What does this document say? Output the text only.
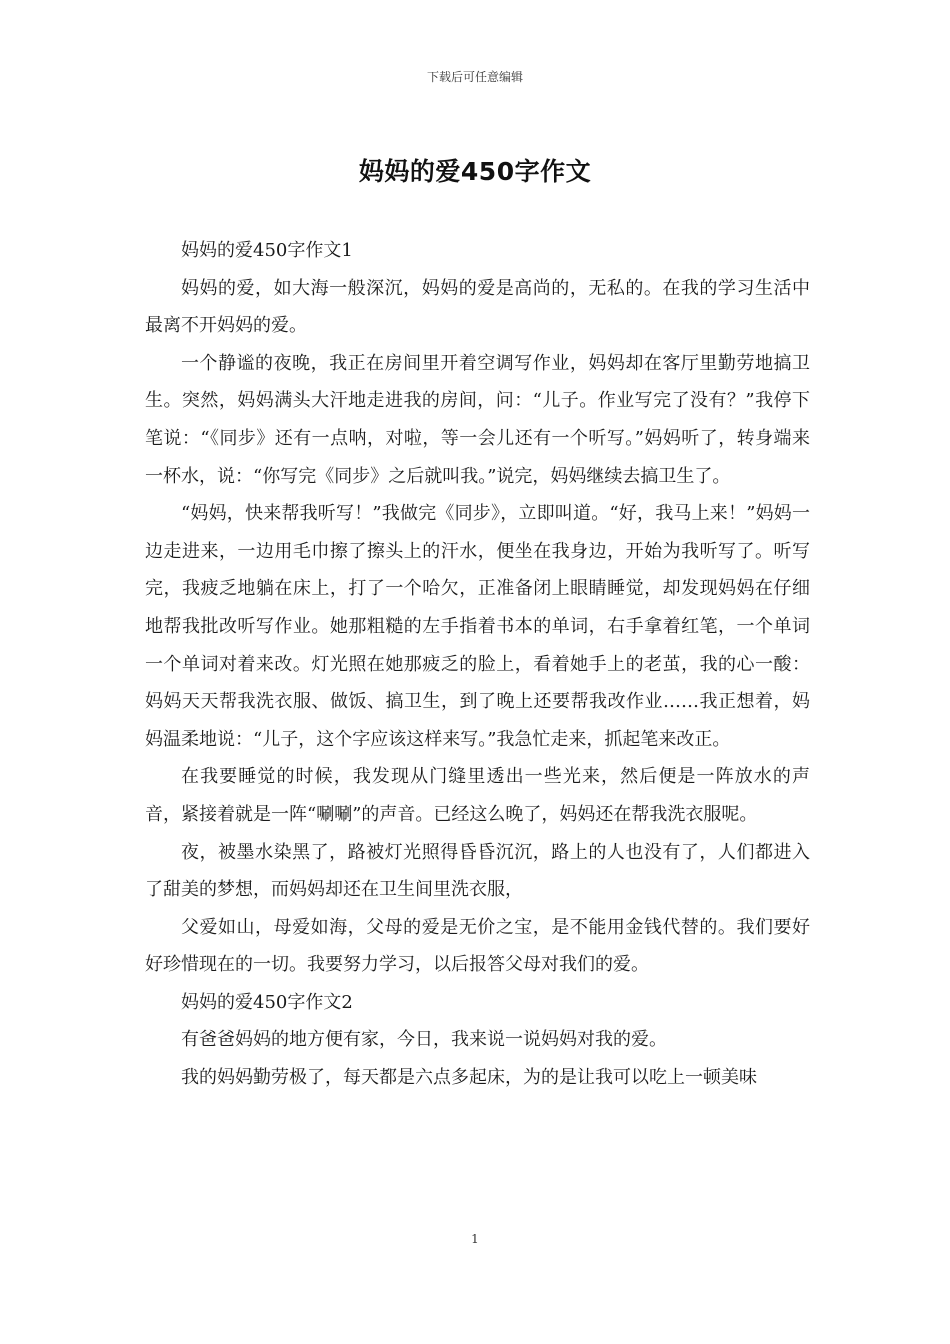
下载后可任意编辑
妈妈的爱450字作文

妈妈的爱450字作文1

妈妈的爱，如大海一般深沉，妈妈的爱是高尚的，无私的。在我的学习生活中最离不开妈妈的爱。

一个静谧的夜晚，我正在房间里开着空调写作业，妈妈却在客厅里勤劳地搞卫生。突然，妈妈满头大汗地走进我的房间，问：“儿子。作业写完了没有？”我停下笔说：“《同步》还有一点呐，对啦，等一会儿还有一个听写。”妈妈听了，转身端来一杯水，说：“你写完《同步》之后就叫我。”说完，妈妈继续去搞卫生了。

“妈妈，快来帮我听写！”我做完《同步》，立即叫道。“好，我马上来！”妈妈一边走进来，一边用毛巾擦了擦头上的汗水，便坐在我身边，开始为我听写了。听写完，我疲乏地躺在床上，打了一个哈欠，正准备闭上眼睛睡觉，却发现妈妈在仔细地帮我批改听写作业。她那粗糙的左手指着书本的单词，右手拿着红笔，一个单词一个单词对着来改。灯光照在她那疲乏的脸上，看着她手上的老茧，我的心一酸：妈妈天天帮我洗衣服、做饭、搞卫生，到了晚上还要帮我改作业……我正想着，妈妈温柔地说：“儿子，这个字应该这样来写。”我急忙走来，抓起笔来改正。

在我要睡觉的时候，我发现从门缝里透出一些光来，然后便是一阵放水的声音，紧接着就是一阵“唰唰”的声音。已经这么晚了，妈妈还在帮我洗衣服呢。

夜，被墨水染黑了，路被灯光照得昏昏沉沉，路上的人也没有了，人们都进入了甜美的梦想，而妈妈却还在卫生间里洗衣服，

父爱如山，母爱如海，父母的爱是无价之宝，是不能用金钱代替的。我们要好好珍惜现在的一切。我要努力学习，以后报答父母对我们的爱。

妈妈的爱450字作文2

有爸爸妈妈的地方便有家，今日，我来说一说妈妈对我的爱。

我的妈妈勤劳极了，每天都是六点多起床，为的是让我可以吃上一顿美味

1
